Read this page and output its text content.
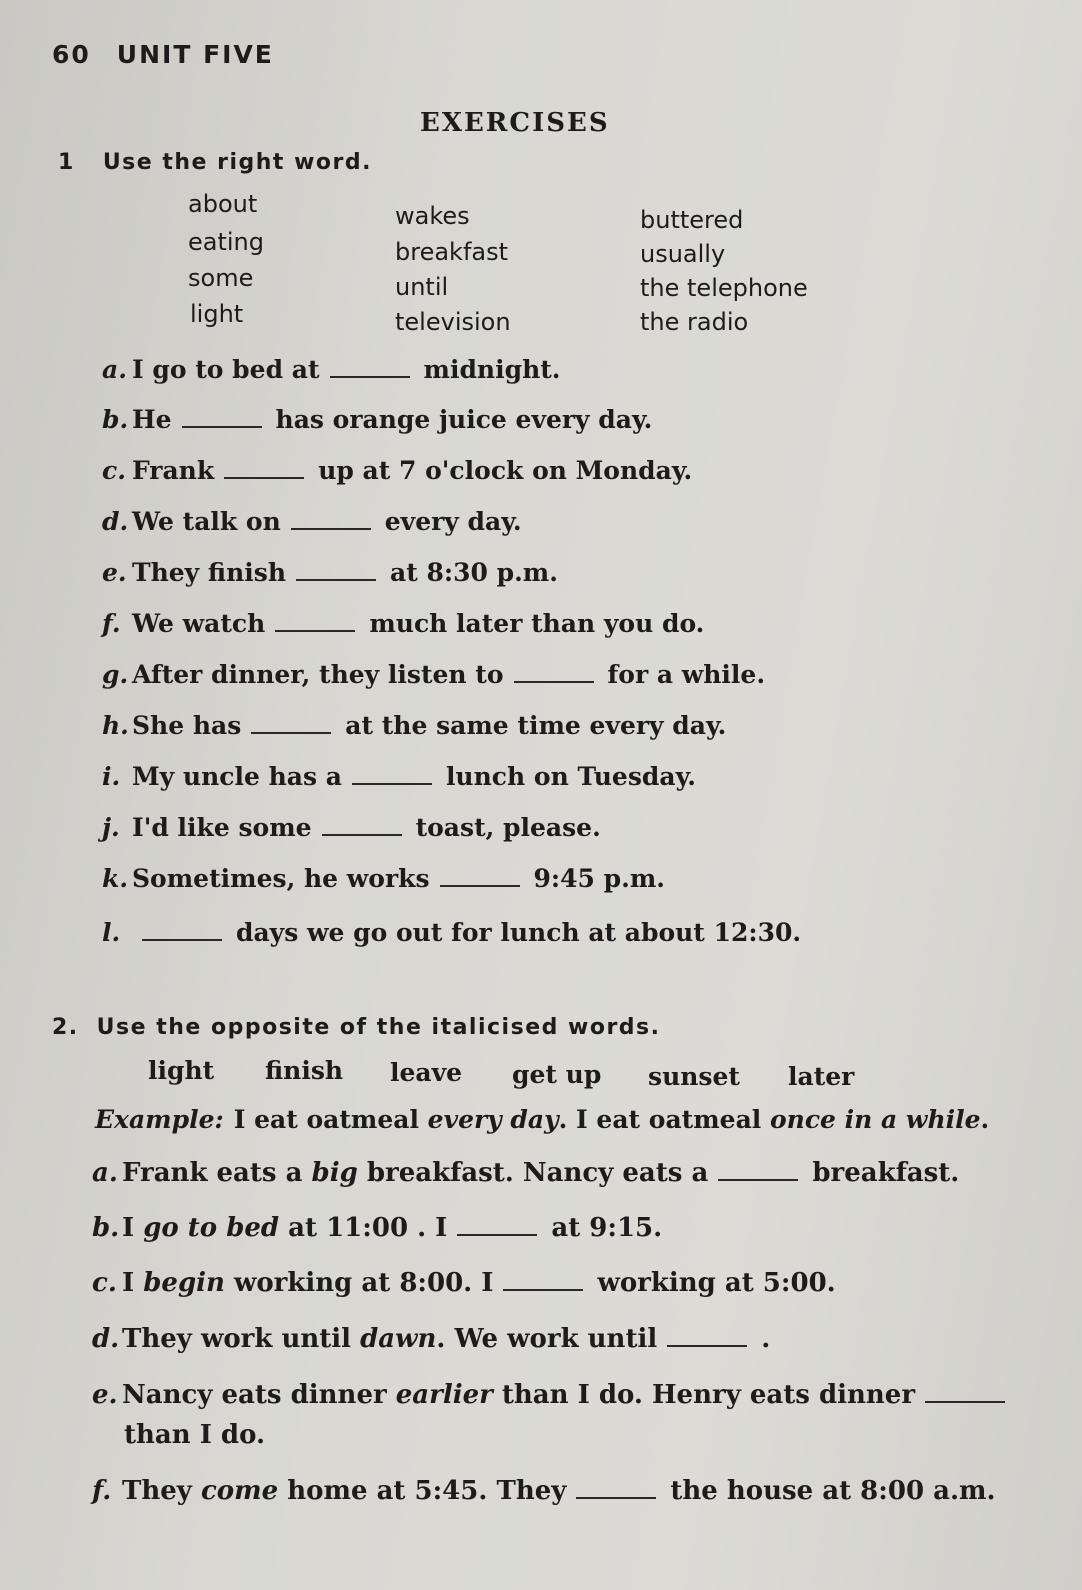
60 UNIT FIVE
EXERCISES
1 Use the right word.
about
eating
some
light
wakes
breakfast
until
television
buttered
usually
the telephone
the radio
a. I go to bed at	midnight.
b. He	has orange juice every day.
c. Frank	up at 7 o'clock on Monday.
d. We talk on	every day.
e. They finish	at 8:30 p.m.
f. We watch	much later than you do.
g. After dinner, they listen to	for a while.
h. She has	at the same time every day.
i. My uncle has a	lunch on Tuesday.
j. I'd like some	toast, please.
k. Sometimes, he works	9:45 p.m.
l.	days we go out for lunch at about 12:30.
2. Use the opposite of the italicised words.
light finish leave get up sunset later
Example: I eat oatmeal every day. I eat oatmeal once in a while.
a. Frank eats a big breakfast. Nancy eats a	breakfast.
b. I go to bed at 11:00 . I	at 9:15.
c. I begin working at 8:00. I	working at 5:00.
d. They work until dawn. We work until	.
e. Nancy eats dinner earlier than I do. Henry eats dinner
than I do.
f. They come home at 5:45. They	the house at 8:00 a.m.
